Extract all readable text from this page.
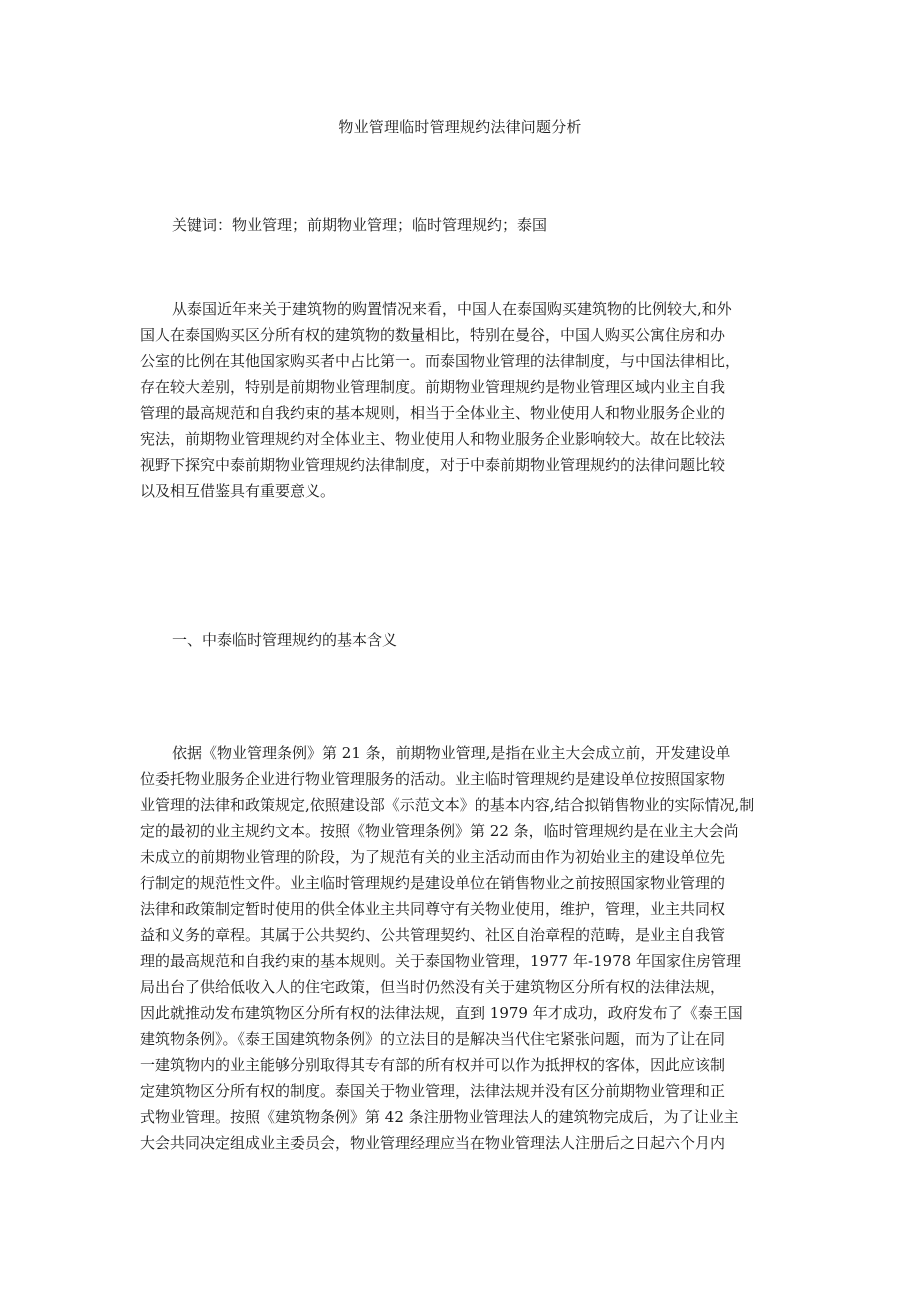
物业管理临时管理规约法律问题分析
关键词：物业管理；前期物业管理；临时管理规约；泰国
从泰国近年来关于建筑物的购置情况来看，中国人在泰国购买建筑物的比例较大,和外
国人在泰国购买区分所有权的建筑物的数量相比，特别在曼谷，中国人购买公寓住房和办
公室的比例在其他国家购买者中占比第一。而泰国物业管理的法律制度，与中国法律相比，
存在较大差别，特别是前期物业管理制度。前期物业管理规约是物业管理区域内业主自我
管理的最高规范和自我约束的基本规则，相当于全体业主、物业使用人和物业服务企业的
宪法，前期物业管理规约对全体业主、物业使用人和物业服务企业影响较大。故在比较法
视野下探究中泰前期物业管理规约法律制度，对于中泰前期物业管理规约的法律问题比较
以及相互借鉴具有重要意义。
一、中泰临时管理规约的基本含义
依据《物业管理条例》第 21 条，前期物业管理,是指在业主大会成立前，开发建设单
位委托物业服务企业进行物业管理服务的活动。业主临时管理规约是建设单位按照国家物
业管理的法律和政策规定,依照建设部《示范文本》的基本内容,结合拟销售物业的实际情况,制
定的最初的业主规约文本。按照《物业管理条例》第 22 条，临时管理规约是在业主大会尚
未成立的前期物业管理的阶段，为了规范有关的业主活动而由作为初始业主的建设单位先
行制定的规范性文件。业主临时管理规约是建设单位在销售物业之前按照国家物业管理的
法律和政策制定暂时使用的供全体业主共同尊守有关物业使用，维护，管理，业主共同权
益和义务的章程。其属于公共契约、公共管理契约、社区自治章程的范畴，是业主自我管
理的最高规范和自我约束的基本规则。关于泰国物业管理，1977 年-1978 年国家住房管理
局出台了供给低收入人的住宅政策，但当时仍然没有关于建筑物区分所有权的法律法规，
因此就推动发布建筑物区分所有权的法律法规，直到 1979 年才成功，政府发布了《泰王国
建筑物条例》。《泰王国建筑物条例》的立法目的是解决当代住宅紧张问题，而为了让在同
一建筑物内的业主能够分别取得其专有部的所有权并可以作为抵押权的客体，因此应该制
定建筑物区分所有权的制度。泰国关于物业管理，法律法规并没有区分前期物业管理和正
式物业管理。按照《建筑物条例》第 42 条注册物业管理法人的建筑物完成后，为了让业主
大会共同决定组成业主委员会，物业管理经理应当在物业管理法人注册后之日起六个月内
